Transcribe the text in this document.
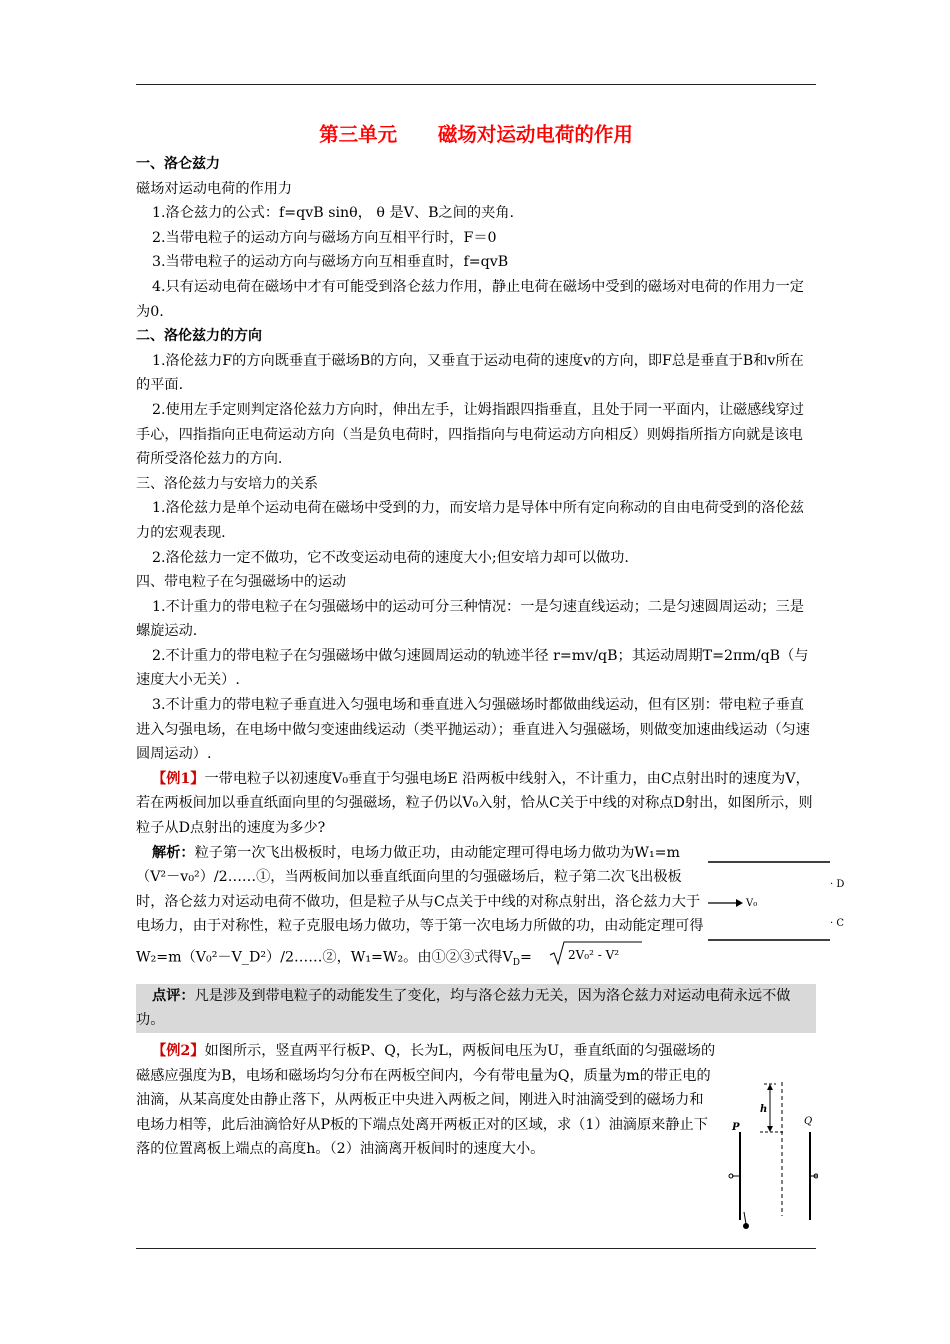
第三单元      磁场对运动电荷的作用

一、洛仑兹力

磁场对运动电荷的作用力

1.洛仑兹力的公式：f=qvB sinθ， θ 是V、B之间的夹角.

2.当带电粒子的运动方向与磁场方向互相平行时，F＝0

3.当带电粒子的运动方向与磁场方向互相垂直时，f=qvB

4.只有运动电荷在磁场中才有可能受到洛仑兹力作用，静止电荷在磁场中受到的磁场对电荷的作用力一定为0.

二、洛伦兹力的方向

1.洛伦兹力F的方向既垂直于磁场B的方向，又垂直于运动电荷的速度v的方向，即F总是垂直于B和v所在的平面.

2.使用左手定则判定洛伦兹力方向时，伸出左手，让姆指跟四指垂直，且处于同一平面内，让磁感线穿过手心，四指指向正电荷运动方向（当是负电荷时，四指指向与电荷运动方向相反）则姆指所指方向就是该电荷所受洛伦兹力的方向.

三、洛伦兹力与安培力的关系

1.洛伦兹力是单个运动电荷在磁场中受到的力，而安培力是导体中所有定向称动的自由电荷受到的洛伦兹力的宏观表现.

2.洛伦兹力一定不做功，它不改变运动电荷的速度大小;但安培力却可以做功.

四、带电粒子在匀强磁场中的运动

1.不计重力的带电粒子在匀强磁场中的运动可分三种情况：一是匀速直线运动；二是匀速圆周运动；三是螺旋运动.

2.不计重力的带电粒子在匀强磁场中做匀速圆周运动的轨迹半径 r=mv/qB；其运动周期T=2πm/qB（与速度大小无关）.

3.不计重力的带电粒子垂直进入匀强电场和垂直进入匀强磁场时都做曲线运动，但有区别：带电粒子垂直进入匀强电场，在电场中做匀变速曲线运动（类平抛运动）；垂直进入匀强磁场，则做变加速曲线运动（匀速圆周运动）.

【例1】一带电粒子以初速度V₀垂直于匀强电场E 沿两板中线射入，不计重力，由C点射出时的速度为V，若在两板间加以垂直纸面向里的匀强磁场，粒子仍以V₀入射，恰从C关于中线的对称点D射出，如图所示，则粒子从D点射出的速度为多少?

解析：粒子第一次飞出极板时，电场力做正功，由动能定理可得电场力做功为W₁=m（V²－v₀²）/2……①，当两板间加以垂直纸面向里的匀强磁场后，粒子第二次飞出极板时，洛仑兹力对运动电荷不做功，但是粒子从与C点关于中线的对称点射出，洛仑兹力大于电场力，由于对称性，粒子克服电场力做功，等于第一次电场力所做的功，由动能定理可得W₂=m（V₀²－V_D²）/2……②，W₁=W₂。由①②③式得$V_D=$	2V₀² - V²

点评：凡是涉及到带电粒子的动能发生了变化，均与洛仑兹力无关，因为洛仑兹力对运动电荷永远不做功。

【例2】如图所示，竖直两平行板P、Q，长为L，两板间电压为U，垂直纸面的匀强磁场的磁感应强度为B，电场和磁场均匀分布在两板空间内，今有带电量为Q，质量为m的带正电的油滴，从某高度处由静止落下，从两板正中央进入两板之间，刚进入时油滴受到的磁场力和电场力相等，此后油滴恰好从P板的下端点处离开两板正对的区域，求（1）油滴原来静止下落的位置离板上端点的高度h。（2）油滴离开板间时的速度大小。

V₀
· D
· C
h
P
Q
